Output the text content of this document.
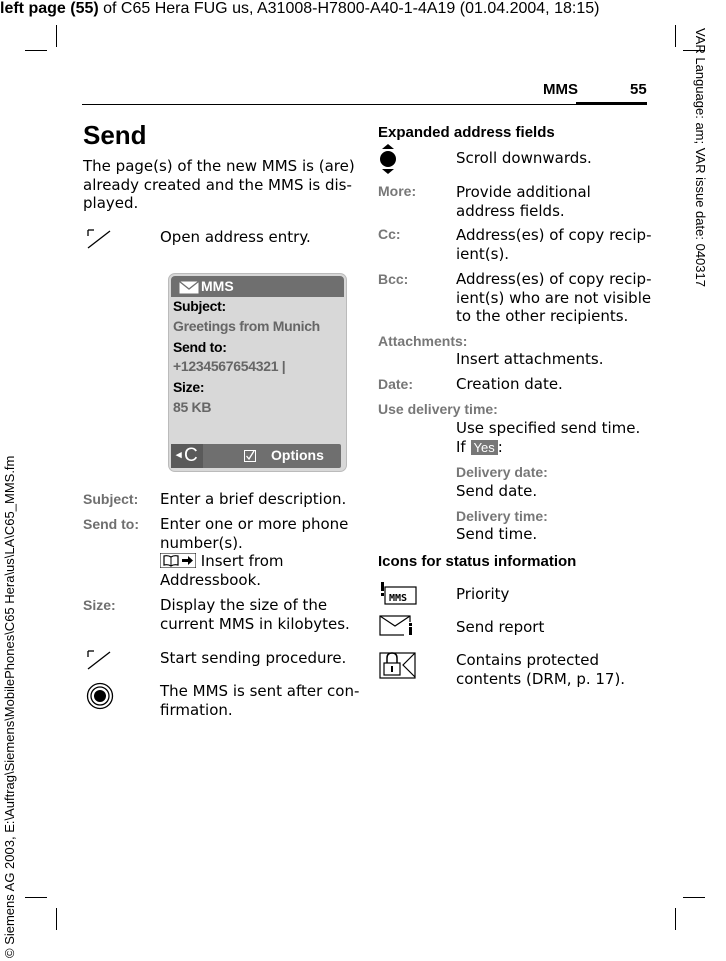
left page (55) of C65 Hera FUG us, A31008-H7800-A40-1-4A19 (01.04.2004, 18:15)
VAR Language: am; VAR issue date: 040317
© Siemens AG 2003, E:\Auftrag\Siemens\MobilePhones\C65 Hera\us\LA\C65_MMS.fm
MMS	55
Send
The page(s) of the new MMS is (are)
already created and the MMS is dis-
played.
Open address entry.
MMS
Subject:
Greetings from Munich
Send to:
+1234567654321 |
Size:
85 KB
◂ C	Options
Subject: Enter a brief description.
Send to: Enter one or more phone
number(s).
Insert from
Addressbook.
Size:	Display the size of the
current MMS in kilobytes.
Start sending procedure.
The MMS is sent after con-
firmation.
Expanded address fields
Scroll downwards.
More:	Provide additional
address fields.
Cc:	Address(es) of copy recip-
ient(s).
Bcc:	Address(es) of copy recip-
ient(s) who are not visible
to the other recipients.
Attachments:
Insert attachments.
Date:	Creation date.
Use delivery time:
Use specified send time.
If Yes :
Delivery date:
Send date.
Delivery time:
Send time.
Icons for status information
MMS	Priority
Send report
Contains protected
contents (DRM, p. 17).
